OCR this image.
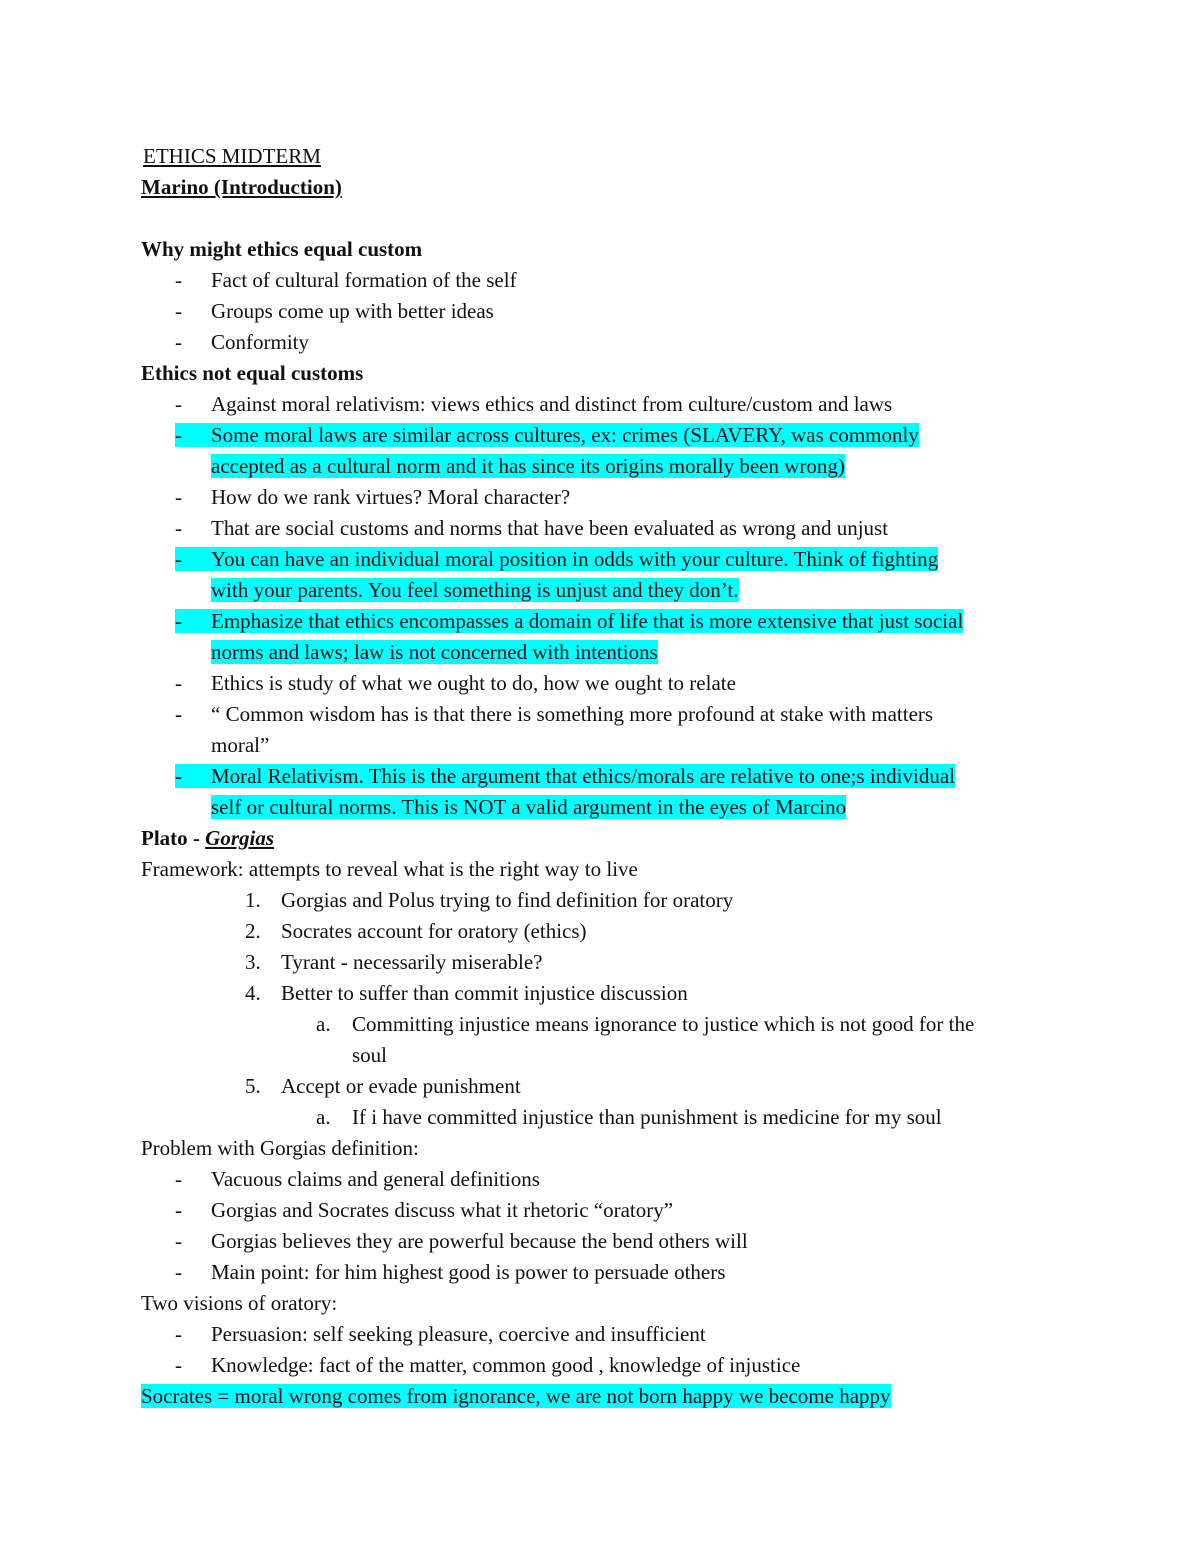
ETHICS MIDTERM
Marino (Introduction)
Why might ethics equal custom
- Fact of cultural formation of the self
- Groups come up with better ideas
- Conformity
Ethics not equal customs
- Against moral relativism: views ethics and distinct from culture/custom and laws
- Some moral laws are similar across cultures, ex: crimes (SLAVERY, was commonly
accepted as a cultural norm and it has since its origins morally been wrong)
- How do we rank virtues? Moral character?
- That are social customs and norms that have been evaluated as wrong and unjust
- You can have an individual moral position in odds with your culture. Think of fighting
with your parents. You feel something is unjust and they don’t.
- Emphasize that ethics encompasses a domain of life that is more extensive that just social
norms and laws; law is not concerned with intentions
- Ethics is study of what we ought to do, how we ought to relate
- “ Common wisdom has is that there is something more profound at stake with matters
moral”
- Moral Relativism. This is the argument that ethics/morals are relative to one;s individual
self or cultural norms. This is NOT a valid argument in the eyes of Marcino
Plato - Gorgias
Framework: attempts to reveal what is the right way to live
1. Gorgias and Polus trying to find definition for oratory
2. Socrates account for oratory (ethics)
3. Tyrant - necessarily miserable?
4. Better to suffer than commit injustice discussion
a. Committing injustice means ignorance to justice which is not good for the
soul
5. Accept or evade punishment
a. If i have committed injustice than punishment is medicine for my soul
Problem with Gorgias definition:
- Vacuous claims and general definitions
- Gorgias and Socrates discuss what it rhetoric “oratory”
- Gorgias believes they are powerful because the bend others will
- Main point: for him highest good is power to persuade others
Two visions of oratory:
- Persuasion: self seeking pleasure, coercive and insufficient
- Knowledge: fact of the matter, common good , knowledge of injustice
Socrates = moral wrong comes from ignorance, we are not born happy we become happy
